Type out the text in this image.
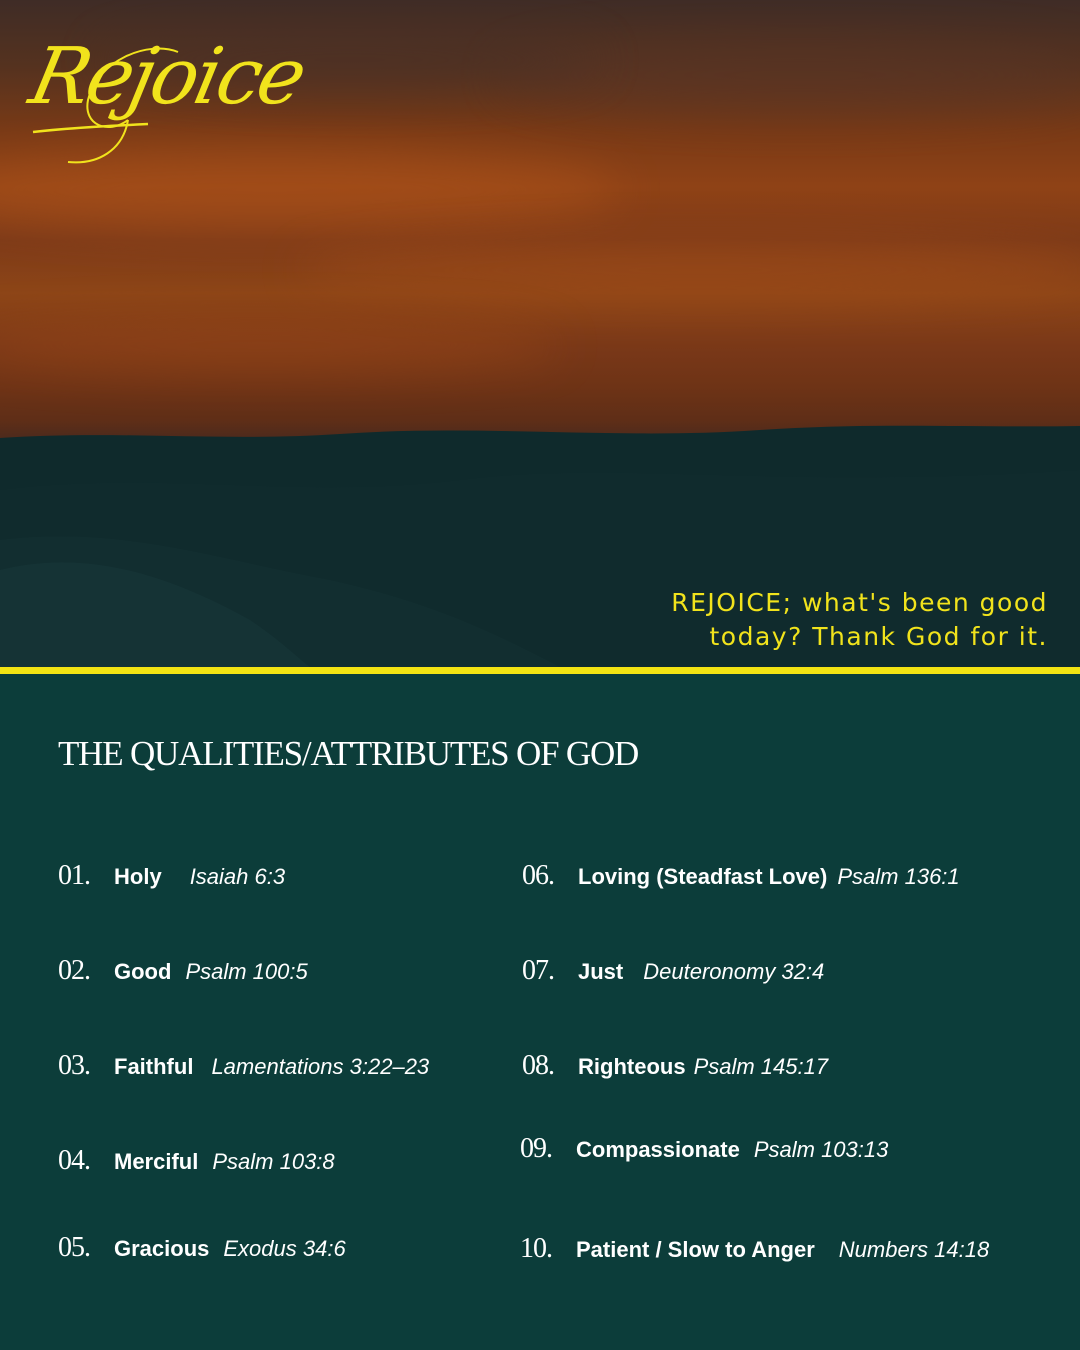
Rejoice
REJOICE; what's been good
today? Thank God for it.
THE QUALITIES/ATTRIBUTES OF GOD
01.	Holy Isaiah 6:3
02.	Good Psalm 100:5
03.	Faithful Lamentations 3:22–23
04.	Merciful Psalm 103:8
05.	Gracious Exodus 34:6
06.	Loving (Steadfast Love) Psalm 136:1
07.	Just Deuteronomy 32:4
08.	Righteous Psalm 145:17
09.	Compassionate Psalm 103:13
10.	Patient / Slow to Anger Numbers 14:18
